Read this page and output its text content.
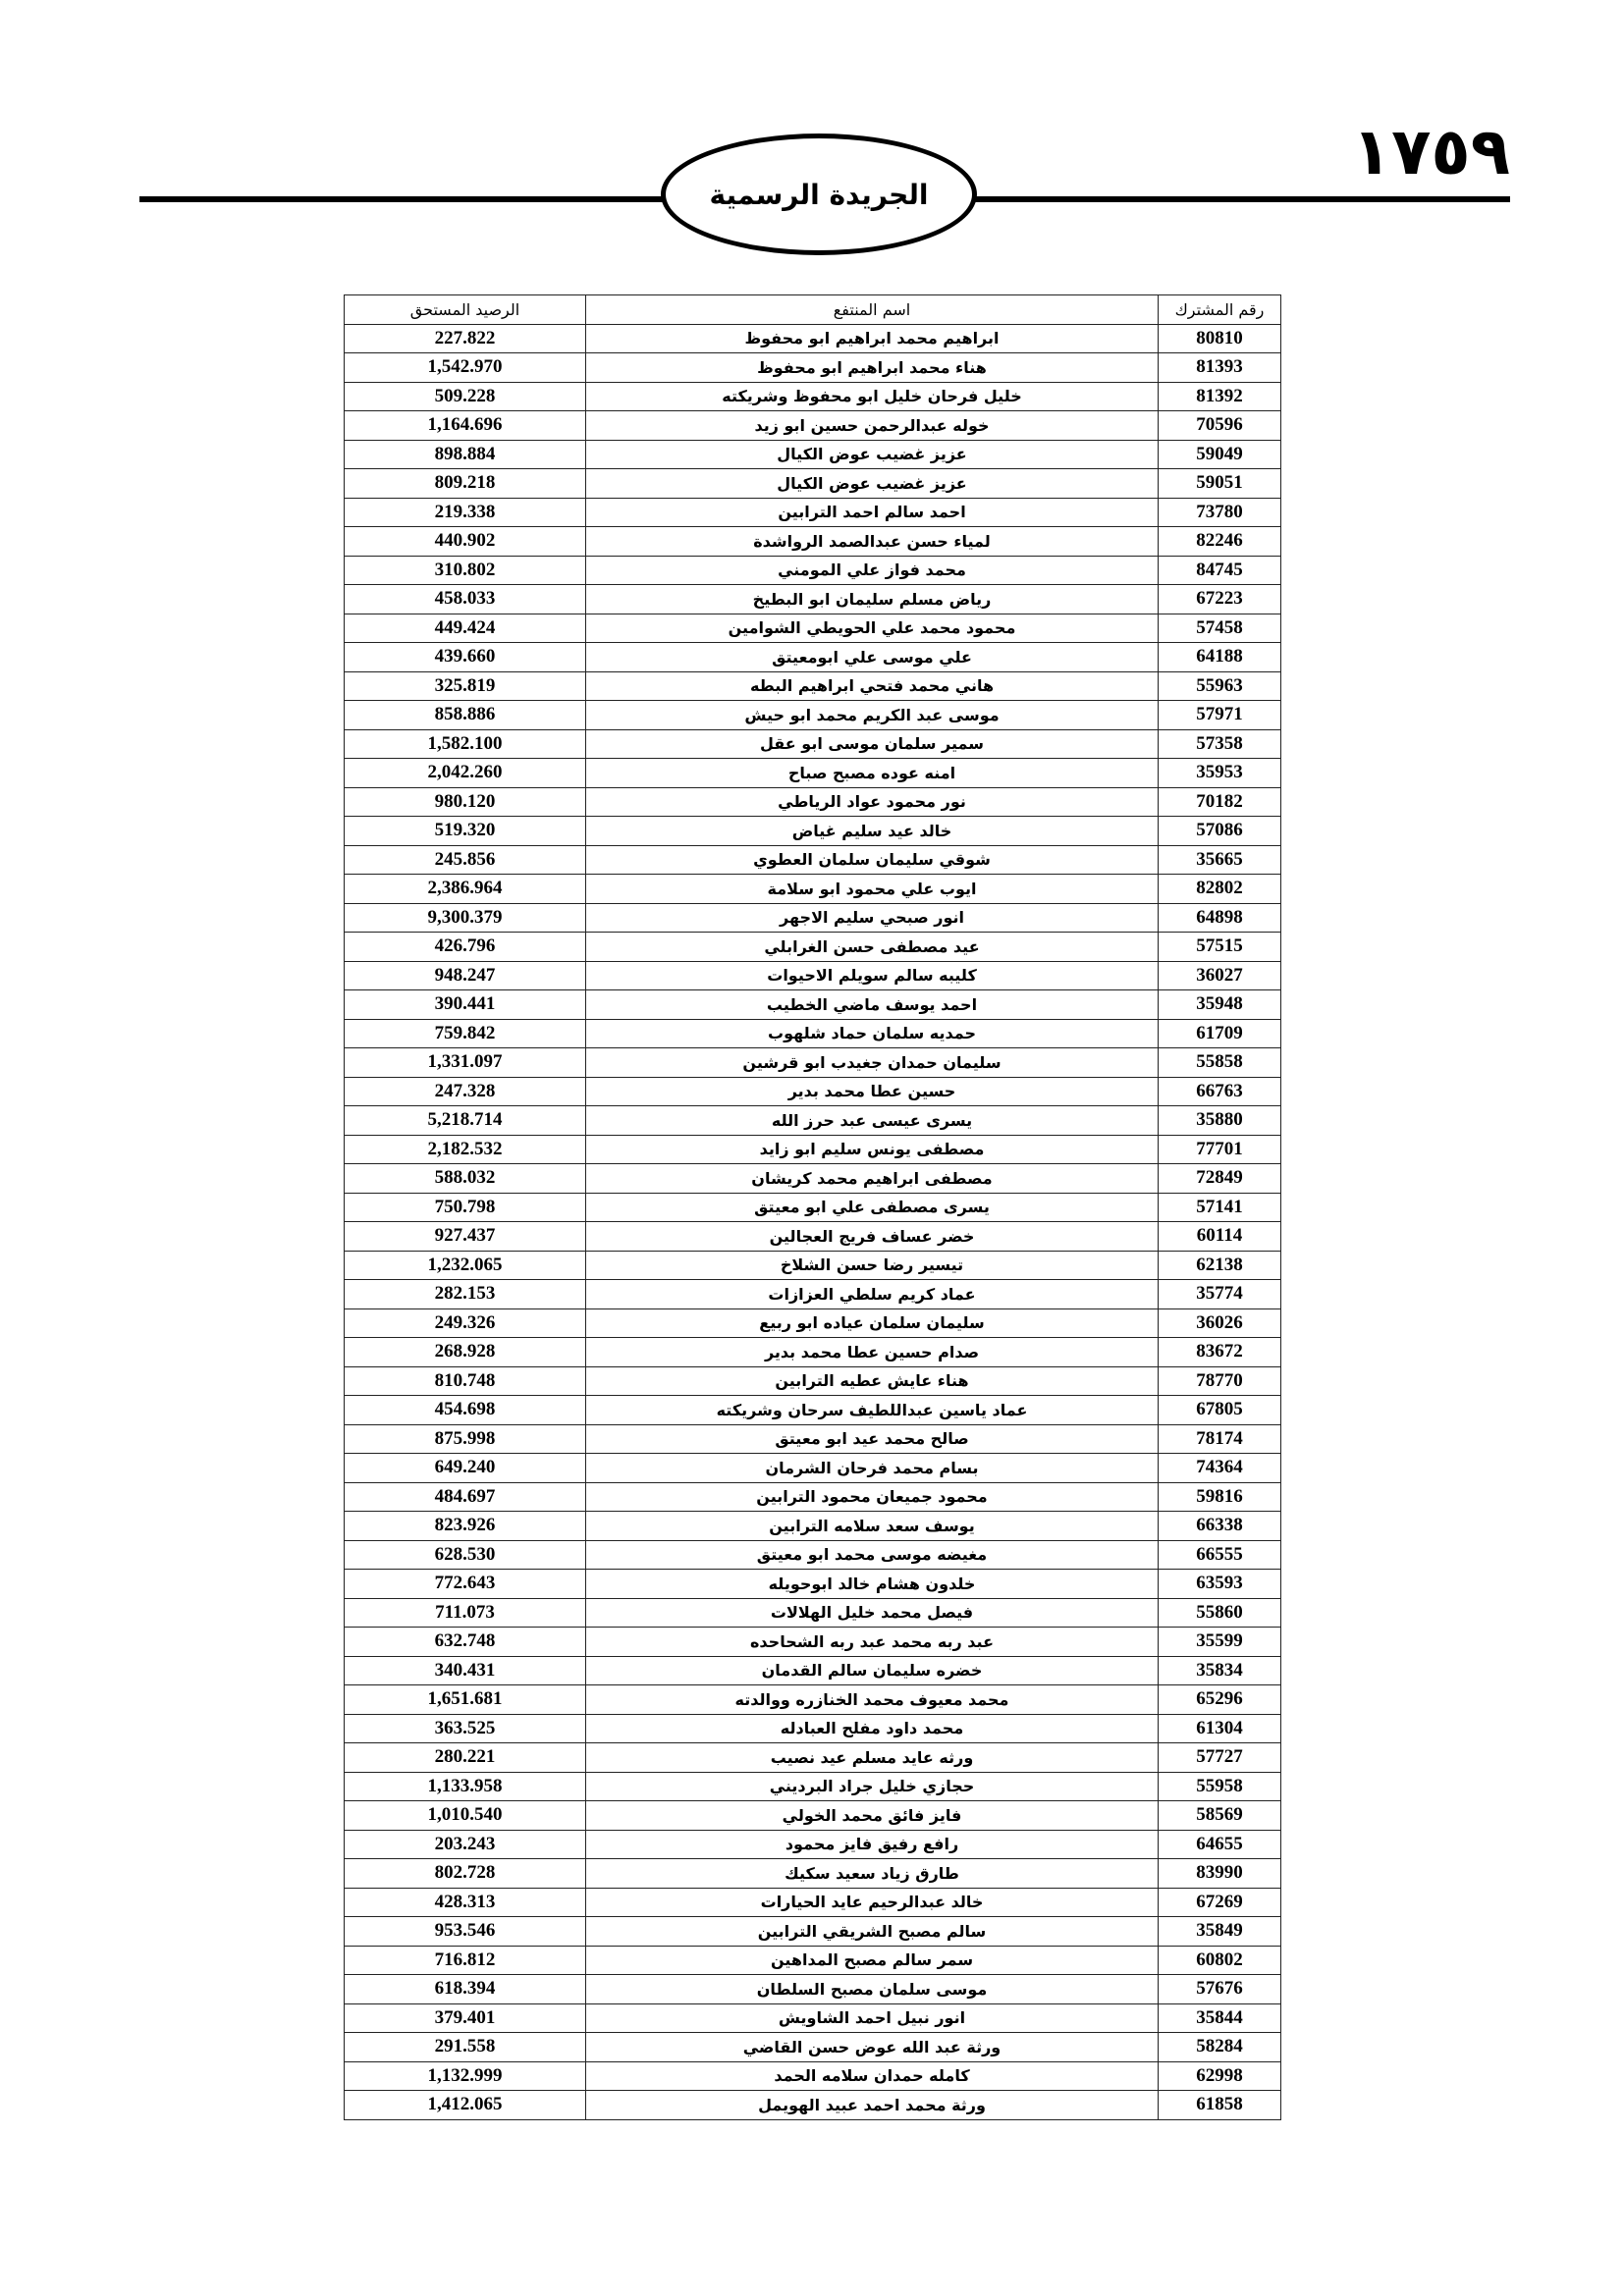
١٧٥٩
الجريدة الرسمية
رقم المشترك	اسم المنتفع	الرصيد المستحق
80810	ابراهيم محمد ابراهيم ابو محفوظ	227.822
81393	هناء محمد ابراهيم ابو محفوظ	1,542.970
81392	خليل فرحان خليل ابو محفوظ وشريكته	509.228
70596	خوله عبدالرحمن حسين ابو زيد	1,164.696
59049	عزيز غضيب عوض الكيال	898.884
59051	عزيز غضيب عوض الكيال	809.218
73780	احمد سالم احمد الترابين	219.338
82246	لمياء حسن عبدالصمد الرواشدة	440.902
84745	محمد فواز علي المومني	310.802
67223	رياض مسلم سليمان ابو البطيخ	458.033
57458	محمود محمد علي الحويطي الشوامين	449.424
64188	علي موسى علي ابومعيتق	439.660
55963	هاني محمد فتحي ابراهيم البطه	325.819
57971	موسى عبد الكريم محمد ابو حيش	858.886
57358	سمير سلمان موسى ابو عقل	1,582.100
35953	امنه عوده مصبح صباح	2,042.260
70182	نور محمود عواد الرياطي	980.120
57086	خالد عيد سليم غياض	519.320
35665	شوقي سليمان سلمان العطوي	245.856
82802	ايوب علي محمود ابو سلامة	2,386.964
64898	انور صبحي سليم الاجهر	9,300.379
57515	عيد مصطفى حسن الغرابلي	426.796
36027	كليبه سالم سويلم الاحيوات	948.247
35948	احمد يوسف ماضي الخطيب	390.441
61709	حمديه سلمان حماد شلهوب	759.842
55858	سليمان حمدان جغيدب ابو قرشين	1,331.097
66763	حسين عطا محمد بدير	247.328
35880	يسرى عيسى عبد حرز الله	5,218.714
77701	مصطفى يونس سليم ابو زايد	2,182.532
72849	مصطفى ابراهيم محمد كريشان	588.032
57141	يسرى مصطفى علي ابو معيتق	750.798
60114	خضر عساف فريج العجالين	927.437
62138	تيسير رضا حسن الشلاخ	1,232.065
35774	عماد كريم سلطي العزازات	282.153
36026	سليمان سلمان عياده ابو ربيع	249.326
83672	صدام حسين عطا محمد بدير	268.928
78770	هناء عايش عطيه الترابين	810.748
67805	عماد ياسين عبداللطيف سرحان وشريكته	454.698
78174	صالح محمد عيد ابو معيتق	875.998
74364	بسام محمد فرحان الشرمان	649.240
59816	محمود جميعان محمود الترابين	484.697
66338	يوسف سعد سلامه الترابين	823.926
66555	مغيضه موسى محمد ابو معيتق	628.530
63593	خلدون هشام خالد ابوحويله	772.643
55860	فيصل محمد خليل الهلالات	711.073
35599	عبد ربه محمد عبد ربه الشحاحده	632.748
35834	خضره سليمان سالم القدمان	340.431
65296	محمد معيوف محمد الخنازره ووالدته	1,651.681
61304	محمد داود مفلح العبادله	363.525
57727	ورثه عايد مسلم عيد نصيب	280.221
55958	حجازي خليل جراد البرديني	1,133.958
58569	فايز فائق محمد الخولي	1,010.540
64655	رافع رفيق فايز محمود	203.243
83990	طارق زياد سعيد سكيك	802.728
67269	خالد عبدالرحيم عايد الحيارات	428.313
35849	سالم مصبح الشريقي الترابين	953.546
60802	سمر سالم مصبح المداهين	716.812
57676	موسى سلمان مصبح السلطان	618.394
35844	انور نبيل احمد الشاويش	379.401
58284	ورثة عبد الله عوض حسن القاضي	291.558
62998	كامله حمدان سلامه الحمد	1,132.999
61858	ورثة محمد احمد عبيد الهويمل	1,412.065
